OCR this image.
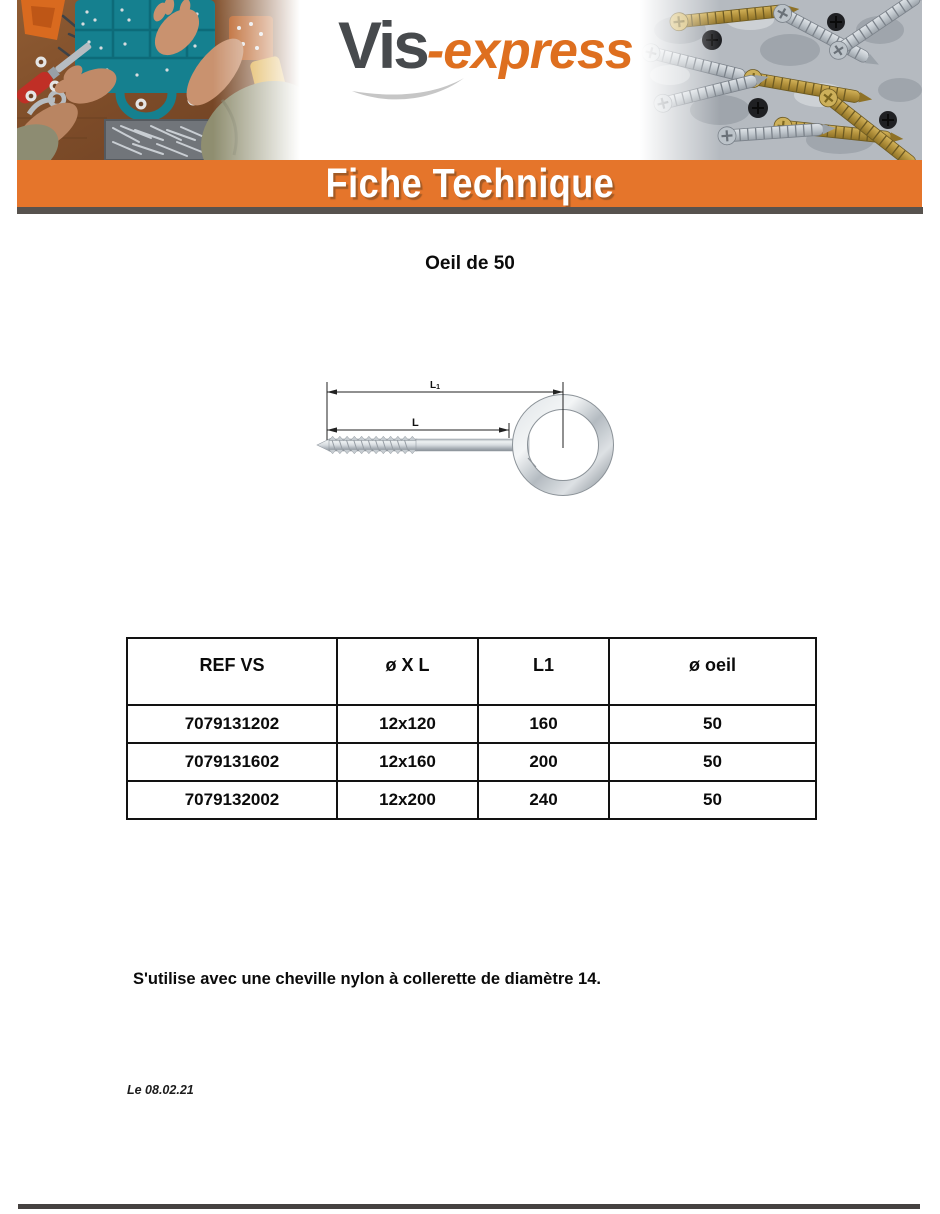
Vis-express
Fiche Technique
Oeil de 50
L1
L
REF VS	ø X L	L1	ø oeil
7079131202	12x120	160	50
7079131602	12x160	200	50
7079132002	12x200	240	50

S'utilise avec une cheville nylon à collerette de diamètre 14.

Le 08.02.21
